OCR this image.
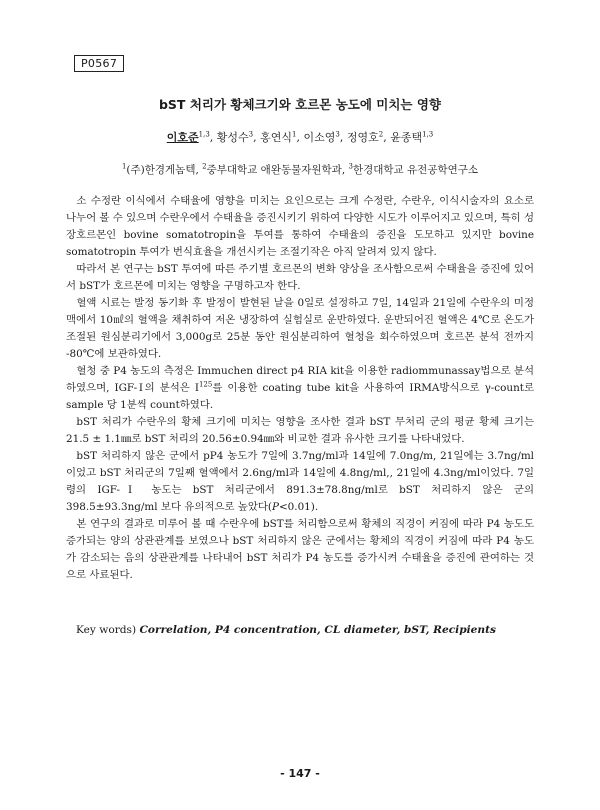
P0567
bST 처리가 황체크기와 호르몬 농도에 미치는 영향
이호준$^{1,3}$, 황성수$^3$, 홍연식$^1$, 이소영$^3$, 정영호$^2$, 윤종택$^{1,3}$
$^1$(주)한경게놈텍, $^2$중부대학교 애완동물자원학과, $^3$한경대학교 유전공학연구소

소 수정란 이식에서 수태율에 영향을 미치는 요인으로는 크게 수정란, 수란우, 이식시술자의 요소로 나누어 볼 수 있으며 수란우에서 수태율을 증진시키기 위하여 다양한 시도가 이루어지고 있으며, 특히 성장호르몬인 bovine somatotropin을 투여를 통하여 수태율의 증진을 도모하고 있지만 bovine somatotropin 투여가 번식효율을 개선시키는 조절기작은 아직 알려져 있지 않다.

따라서 본 연구는 bST 투여에 따른 주기별 호르몬의 변화 양상을 조사함으로써 수태율을 증진에 있어서 bST가 호르몬에 미치는 영향을 구명하고자 한다.

혈액 시료는 발정 동기화 후 발정이 발현된 날을 0일로 설정하고 7일, 14일과 21일에 수란우의 미정맥에서 10㎖의 혈액을 채취하여 저온 냉장하여 실험실로 운반하였다. 운반되어진 혈액은 4℃로 온도가 조절된 원심분리기에서 3,000g로 25분 동안 원심분리하여 혈청을 회수하였으며 호르몬 분석 전까지 -80℃에 보관하였다.

혈청 중 P4 농도의 측정은 Immuchen direct p4 RIA kit을 이용한 radiommunassay법으로 분석하였으며, IGF-Ⅰ의 분석은 $I^{125}$를 이용한 coating tube kit을 사용하여 IRMA방식으로 γ-count로 sample 당 1분씩 count하였다.

bST 처리가 수란우의 황체 크기에 미치는 영향을 조사한 결과 bST 무처리 군의 평균 황체 크기는 21.5 ± 1.1㎜로 bST 처리의 20.56±0.94㎜와 비교한 결과 유사한 크기를 나타내었다.

bST 처리하지 않은 군에서 pP4 농도가 7일에 3.7ng/ml과 14일에 7.0ng/m, 21일에는 3.7ng/ml이었고 bST 처리군의 7일째 혈액에서 2.6ng/ml과 14일에 4.8ng/ml,, 21일에 4.3ng/ml이었다. 7일령의 IGF-Ⅰ 농도는 bST 처리군에서 891.3±78.8ng/ml로 bST 처리하지 않은 군의 398.5±93.3ng/ml 보다 유의적으로 높았다(P<0.01).

본 연구의 결과로 미루어 볼 때 수란우에 bST를 처리함으로써 황체의 직경이 커짐에 따라 P4 농도도 증가되는 양의 상관관계를 보였으나 bST 처리하지 않은 군에서는 황체의 직경이 커짐에 따라 P4 농도가 감소되는 음의 상관관계를 나타내어 bST 처리가 P4 농도를 증가시켜 수태율을 증진에 관여하는 것으로 사료된다.

Key words) Correlation, P4 concentration, CL diameter, bST, Recipients
- 147 -
